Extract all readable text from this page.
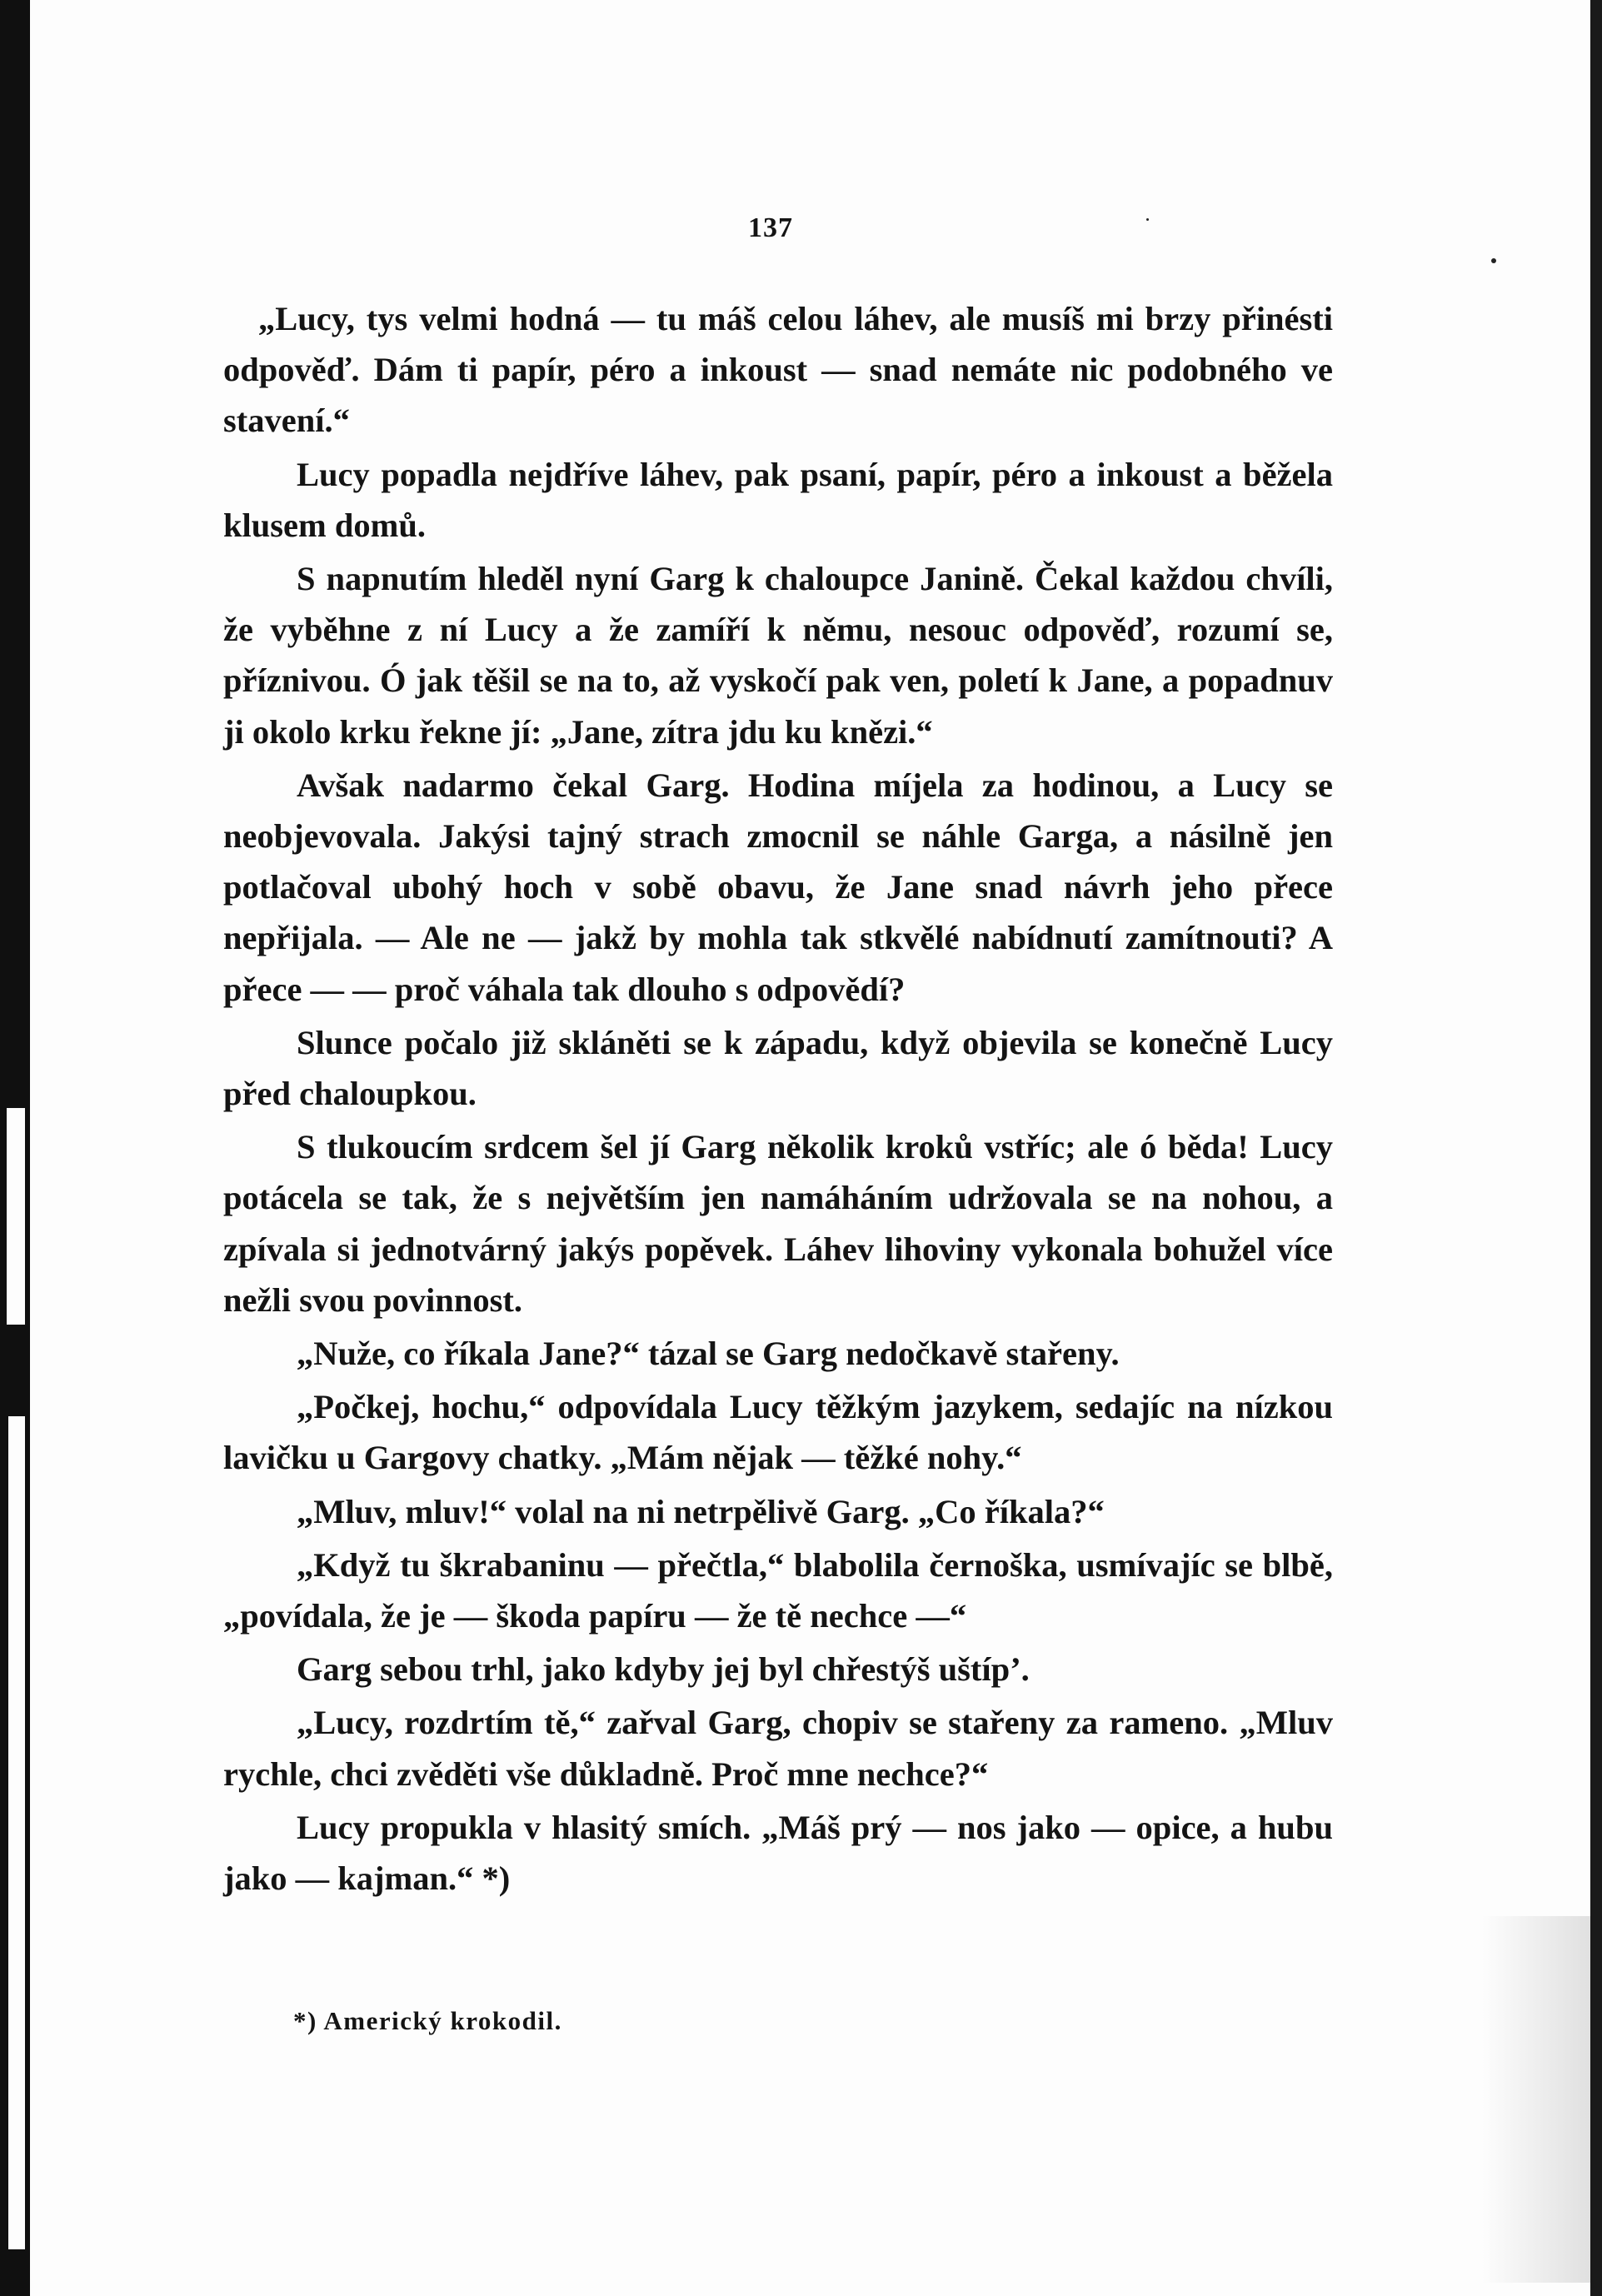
137

„Lucy, tys velmi hodná — tu máš celou láhev, ale musíš mi brzy přinésti odpověď. Dám ti papír, péro a inkoust — snad nemáte nic podobného ve stavení.“

Lucy popadla nejdříve láhev, pak psaní, papír, péro a inkoust a běžela klusem domů.

S napnutím hleděl nyní Garg k chaloupce Janině. Čekal každou chvíli, že vyběhne z ní Lucy a že zamíří k němu, nesouc odpověď, rozumí se, příznivou. Ó jak těšil se na to, až vyskočí pak ven, poletí k Jane, a popadnuv ji okolo krku řekne jí: „Jane, zítra jdu ku knězi.“

Avšak nadarmo čekal Garg. Hodina míjela za hodinou, a Lucy se neobjevovala. Jakýsi tajný strach zmocnil se náhle Garga, a násilně jen potlačoval ubohý hoch v sobě obavu, že Jane snad návrh jeho přece nepřijala. — Ale ne — jakž by mohla tak stkvělé nabídnutí zamítnouti? A přece — — proč váhala tak dlouho s odpovědí?

Slunce počalo již skláněti se k západu, když objevila se konečně Lucy před chaloupkou.

S tlukoucím srdcem šel jí Garg několik kroků vstříc; ale ó běda! Lucy potácela se tak, že s největším jen namáháním udržovala se na nohou, a zpívala si jednotvárný jakýs popěvek. Láhev lihoviny vykonala bohužel více nežli svou povinnost.

„Nuže, co říkala Jane?“ tázal se Garg nedočkavě stařeny.

„Počkej, hochu,“ odpovídala Lucy těžkým jazykem, sedajíc na nízkou lavičku u Gargovy chatky. „Mám nějak — těžké nohy.“

„Mluv, mluv!“ volal na ni netrpělivě Garg. „Co říkala?“

„Když tu škrabaninu — přečtla,“ blabolila černoška, usmívajíc se blbě, „povídala, že je — škoda papíru — že tě nechce —“

Garg sebou trhl, jako kdyby jej byl chřestýš uštíp’.

„Lucy, rozdrtím tě,“ zařval Garg, chopiv se stařeny za rameno. „Mluv rychle, chci zvěděti vše důkladně. Proč mne nechce?“

Lucy propukla v hlasitý smích. „Máš prý — nos jako — opice, a hubu jako — kajman.“ *)

*) Americký krokodil.
